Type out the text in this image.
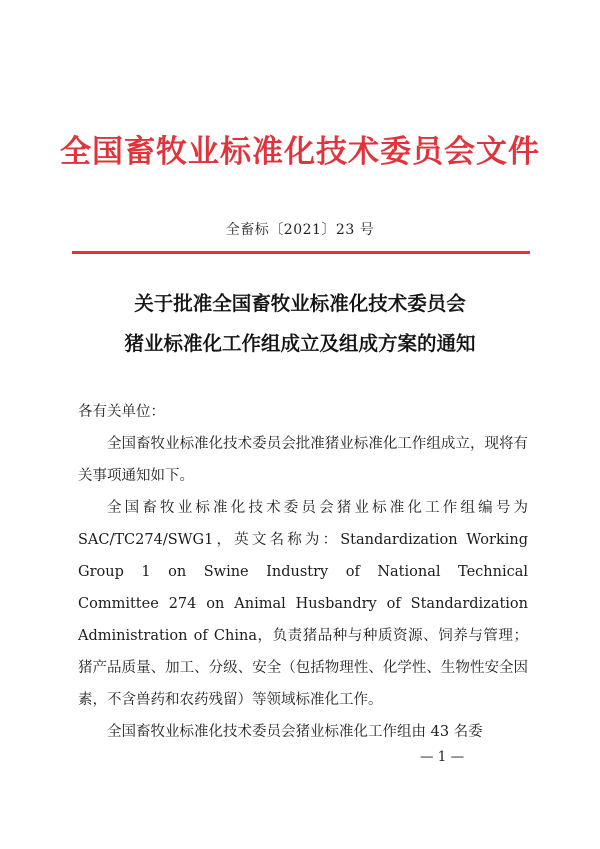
全国畜牧业标准化技术委员会文件
全畜标〔2021〕23 号
关于批准全国畜牧业标准化技术委员会
猪业标准化工作组成立及组成方案的通知
各有关单位：
全国畜牧业标准化技术委员会批准猪业标准化工作组成立，现将有关事项通知如下。
全国畜牧业标准化技术委员会猪业标准化工作组编号为SAC/TC274/SWG1，英文名称为：Standardization Working Group 1 on Swine Industry of National Technical Committee 274 on Animal Husbandry of Standardization Administration of China，负责猪品种与种质资源、饲养与管理；猪产品质量、加工、分级、安全（包括物理性、化学性、生物性安全因素，不含兽药和农药残留）等领域标准化工作。
全国畜牧业标准化技术委员会猪业标准化工作组由 43 名委
— 1 —
